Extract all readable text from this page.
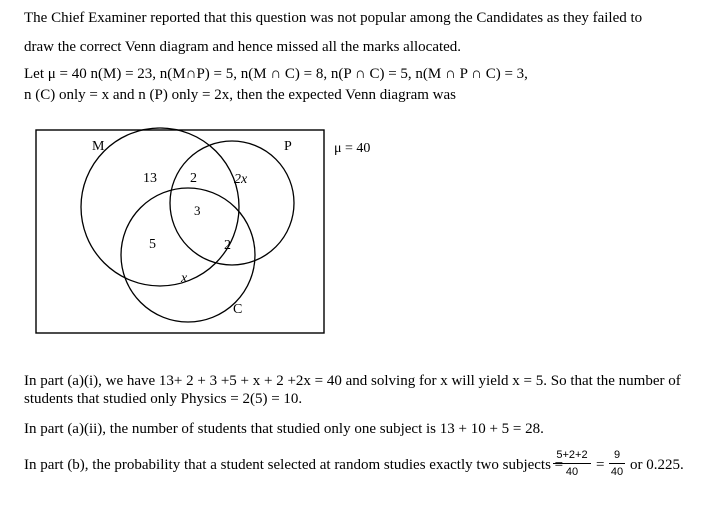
The Chief Examiner reported that this question was not popular among the Candidates as they failed to
draw the correct Venn diagram and hence missed all the marks allocated.
Let μ = 40 n(M) = 23, n(M∩P) = 5, n(M ∩ C) = 8, n(P ∩ C) = 5, n(M ∩ P ∩ C) = 3,
n (C) only = x and n (P) only = 2x, then the expected Venn diagram was
M	P
C
μ = 40
13 2	2x
3
5	2
x
In part (a)(i), we have 13+ 2 + 3 +5 + x + 2 +2x = 40 and solving for x will yield x = 5. So that the number of
students that studied only Physics = 2(5) = 10.
In part (a)(ii), the number of students that studied only one subject is 13 + 10 + 5 = 28.
In part (b), the probability that a student selected at random studies exactly two subjects =
5+2+2
40	=
9
40 or 0.225.
